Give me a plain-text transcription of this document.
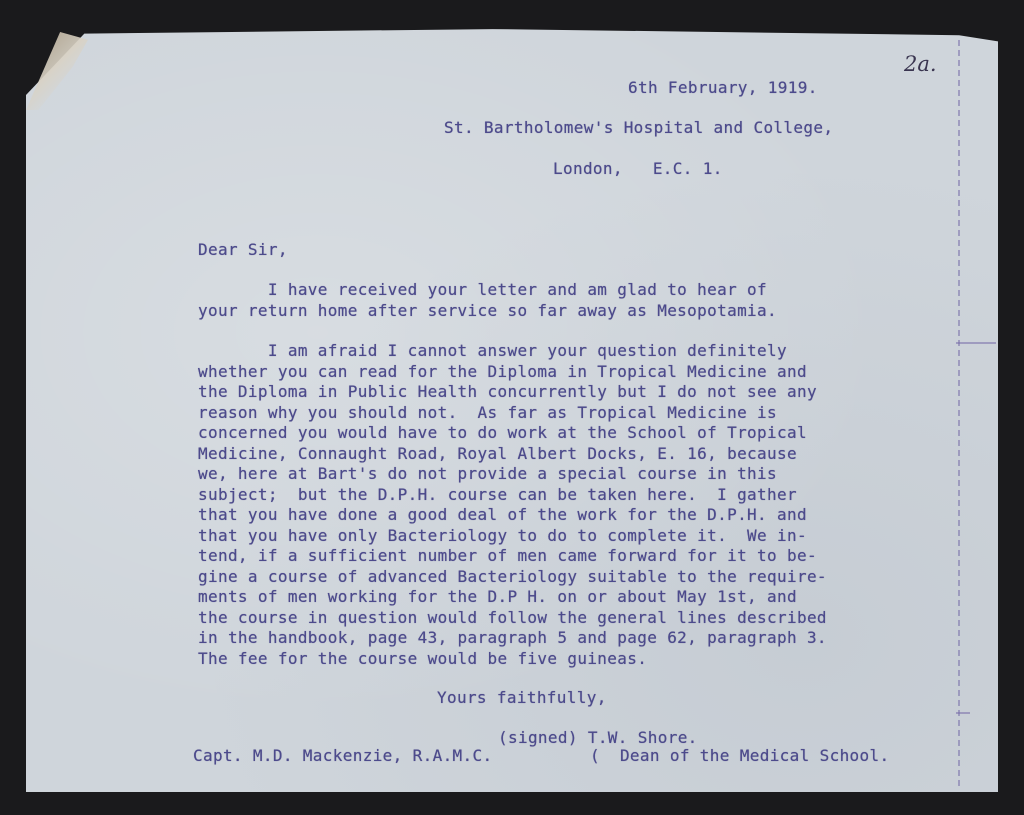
2a.
6th February, 1919.
St. Bartholomew's Hospital and College,
London,   E.C. 1.
Dear Sir,
I have received your letter and am glad to hear of
your return home after service so far away as Mesopotamia.
I am afraid I cannot answer your question definitely
whether you can read for the Diploma in Tropical Medicine and
the Diploma in Public Health concurrently but I do not see any
reason why you should not.  As far as Tropical Medicine is
concerned you would have to do work at the School of Tropical
Medicine, Connaught Road, Royal Albert Docks, E. 16, because
we, here at Bart's do not provide a special course in this
subject;  but the D.P.H. course can be taken here.  I gather
that you have done a good deal of the work for the D.P.H. and
that you have only Bacteriology to do to complete it.  We in-
tend, if a sufficient number of men came forward for it to be-
gine a course of advanced Bacteriology suitable to the require-
ments of men working for the D.P H. on or about May 1st, and
the course in question would follow the general lines described
in the handbook, page 43, paragraph 5 and page 62, paragraph 3.
The fee for the course would be five guineas.
Yours faithfully,
(signed) T.W. Shore.
Capt. M.D. Mackenzie, R.A.M.C.	(  Dean of the Medical School.
